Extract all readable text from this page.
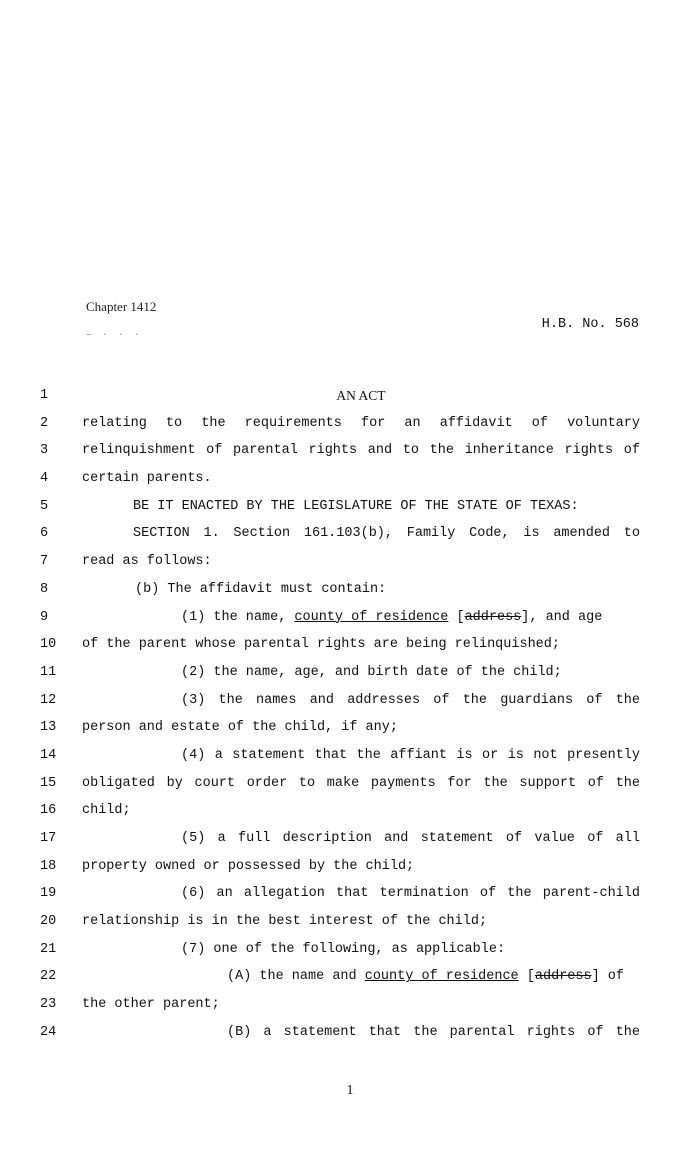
Chapter 1412
– · · ·
H.B. No. 568
1	AN ACT
2	relating to the requirements for an affidavit of voluntary
3	relinquishment of parental rights and to the inheritance rights of
4	certain parents.
5	BE IT ENACTED BY THE LEGISLATURE OF THE STATE OF TEXAS:
6	SECTION 1. Section 161.103(b), Family Code, is amended to
7	read as follows:
8	(b) The affidavit must contain:
9	(1) the name, county of residence [address], and age
10 of the parent whose parental rights are being relinquished;
11	(2) the name, age, and birth date of the child;
12	(3) the names and addresses of the guardians of the
13 person and estate of the child, if any;
14	(4) a statement that the affiant is or is not presently
15 obligated by court order to make payments for the support of the
16 child;
17	(5) a full description and statement of value of all
18 property owned or possessed by the child;
19	(6) an allegation that termination of the parent-child
20 relationship is in the best interest of the child;
21	(7) one of the following, as applicable:
22	(A) the name and county of residence [address] of
23 the other parent;
24	(B) a statement that the parental rights of the
1
